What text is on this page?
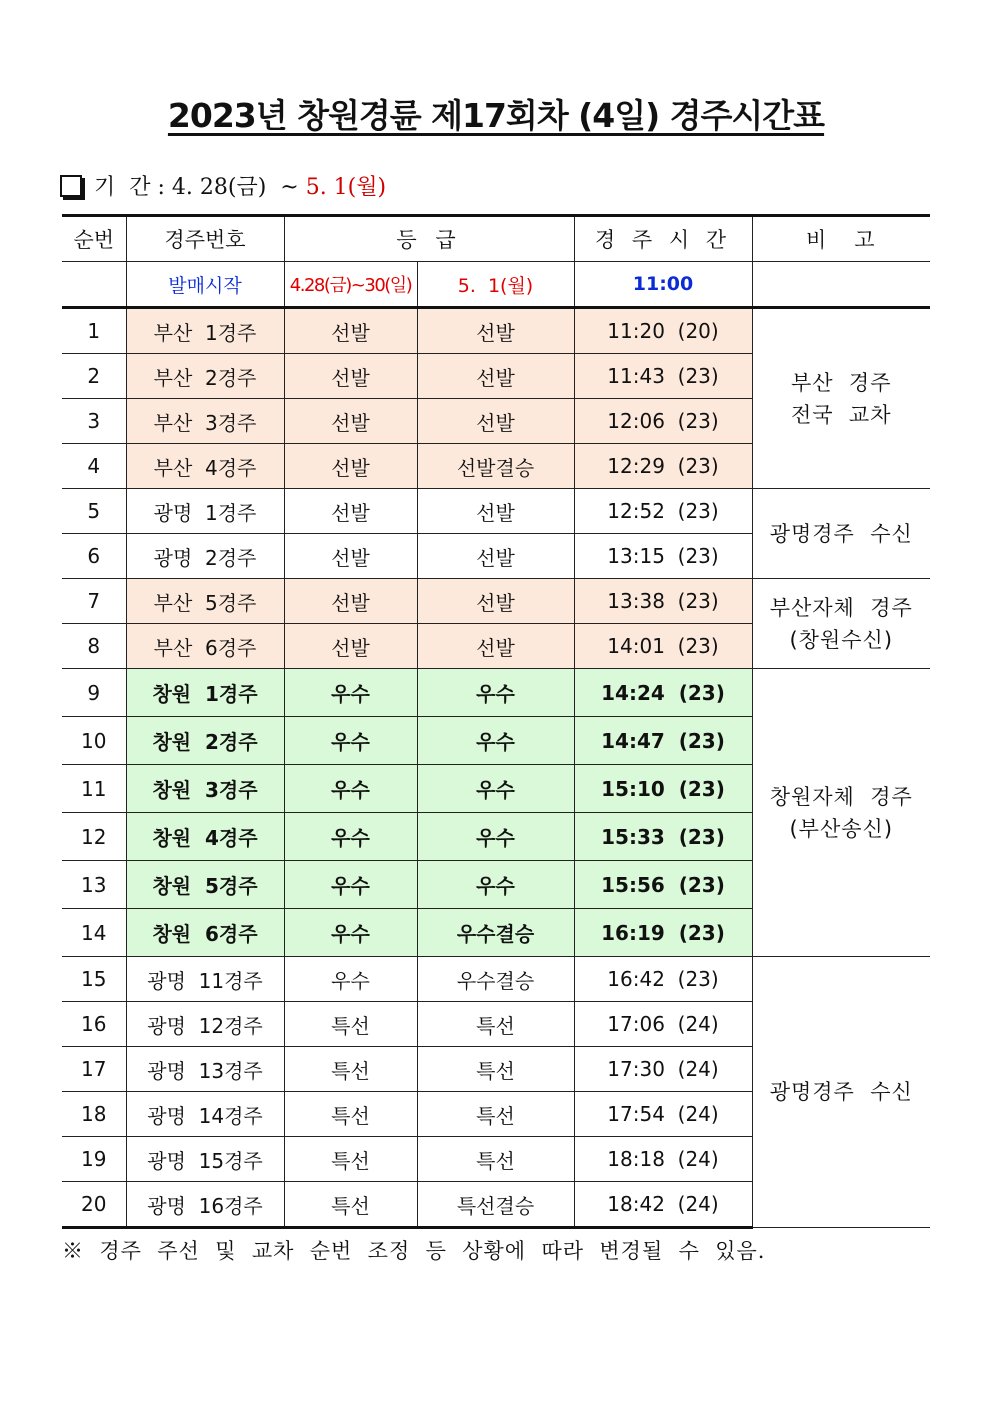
2023년 창원경륜 제17회차 (4일) 경주시간표
기  간 : 4. 28(금)  ~ 5. 1(월)
순번	경주번호	등 급		경 주 시 간	비   고
	발매시작	4.28(금)~30(일)	5.  1(월)	11:00	
1	부산  1경주	선발	선발	11:20  (20)	부산  경주
전국  교차

2	부산  2경주	선발	선발	11:43  (23)	
3	부산  3경주	선발	선발	12:06  (23)	
4	부산  4경주	선발	선발결승	12:29  (23)	
5	광명  1경주	선발	선발	12:52  (23)	광명경주  수신

6	광명  2경주	선발	선발	13:15  (23)	
7	부산  5경주	선발	선발	13:38  (23)	부산자체  경주
(창원수신)

8	부산  6경주	선발	선발	14:01  (23)	
9	창원  1경주	우수	우수	14:24  (23)	창원자체  경주
(부산송신)

10	창원  2경주	우수	우수	14:47  (23)	
11	창원  3경주	우수	우수	15:10  (23)	
12	창원  4경주	우수	우수	15:33  (23)	
13	창원  5경주	우수	우수	15:56  (23)	
14	창원  6경주	우수	우수결승	16:19  (23)	
15	광명  11경주	우수	우수결승	16:42  (23)	광명경주  수신

16	광명  12경주	특선	특선	17:06  (24)	
17	광명  13경주	특선	특선	17:30  (24)	
18	광명  14경주	특선	특선	17:54  (24)	
19	광명  15경주	특선	특선	18:18  (24)	
20	광명  16경주	특선	특선결승	18:42  (24)	
※  경주  주선  및  교차  순번  조정  등  상황에  따라  변경될  수  있음.
